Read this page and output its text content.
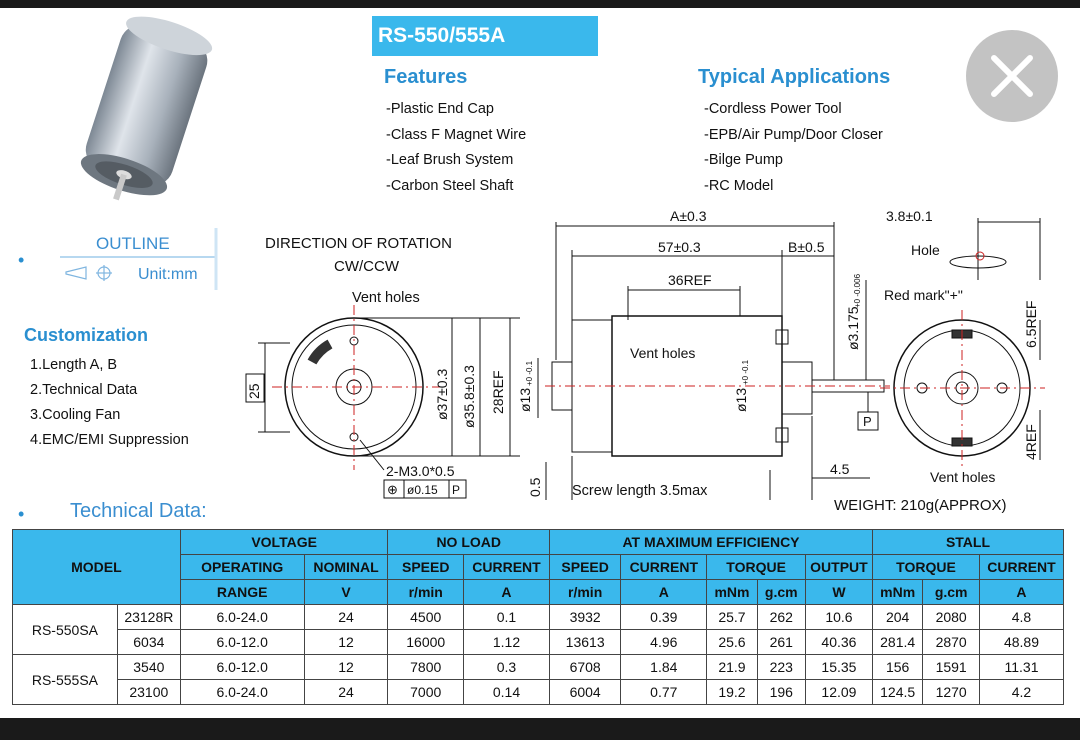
RS-550/555A
Features
-Plastic End Cap
-Class F Magnet Wire
-Leaf Brush System
-Carbon Steel Shaft
Typical Applications
-Cordless Power Tool
-EPB/Air Pump/Door Closer
-Bilge Pump
-RC Model
•
OUTLINE
Unit:mm
Customization
1.Length A, B
2.Technical Data
3.Cooling Fan
4.EMC/EMI Suppression
DIRECTION OF ROTATION
CW/CCW
Vent holes
25	ø37±0.3 ø35.8±0.3 28REF ø13
+0 -0.1
2-M3.0*0.5
⊕ ø0.15 P	0.5
A±0.3
57±0.3	B±0.5
36REF
Vent holes
ø13
+0 -0.1
ø3.175
+0 -0.006
P
Screw length 3.5max
4.5
3.8±0.1
Hole
Red mark"+"
6.5REF
4REF
Vent holes
WEIGHT: 210g(APPROX)
• Technical Data:
MODEL		VOLTAGE		NO LOAD		AT MAXIMUM EFFICIENCY					STALL		
		OPERATING	NOMINAL	SPEED	CURRENT	SPEED	CURRENT	TORQUE		OUTPUT	TORQUE		CURRENT
		RANGE	V	r/min	A	r/min	A	mNm	g.cm	W	mNm	g.cm	A
RS-550SA	23128R	6.0-24.0	24	4500	0.1	3932	0.39	25.7	262	10.6	204	2080	4.8
	6034	6.0-12.0	12	16000	1.12	13613	4.96	25.6	261	40.36	281.4	2870	48.89
RS-555SA	3540	6.0-12.0	12	7800	0.3	6708	1.84	21.9	223	15.35	156	1591	11.31
	23100	6.0-24.0	24	7000	0.14	6004	0.77	19.2	196	12.09	124.5	1270	4.2
